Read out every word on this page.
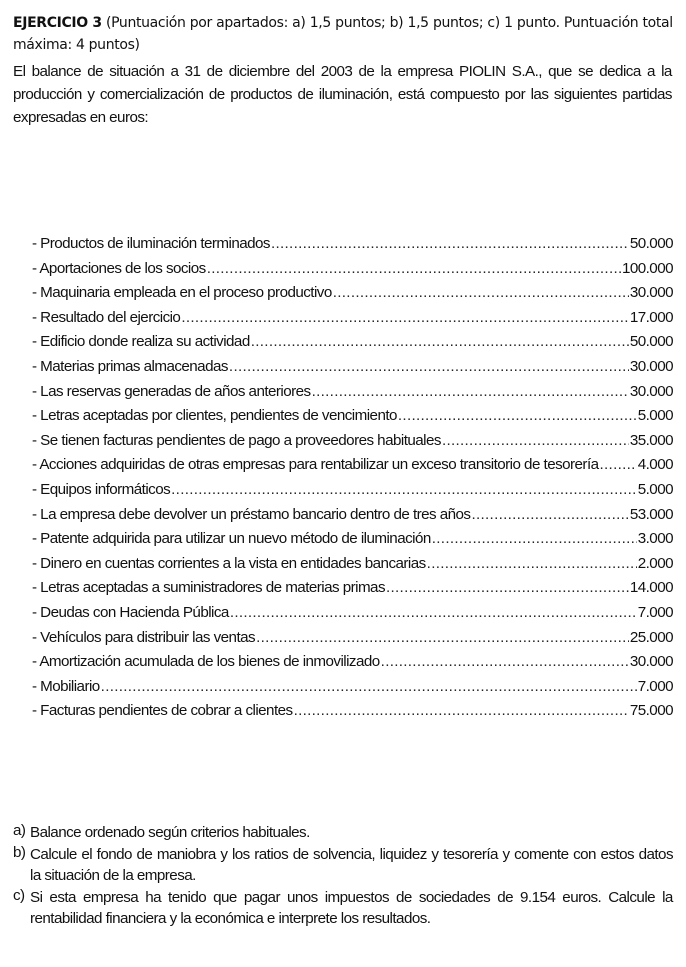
EJERCICIO 3 (Puntuación por apartados: a) 1,5 puntos; b) 1,5 puntos; c) 1 punto. Puntuación total
máxima: 4 puntos)
El balance de situación a 31 de diciembre del 2003 de la empresa PIOLIN S.A., que se dedica a la
producción y comercialización de productos de iluminación, está compuesto por las siguientes partidas
expresadas en euros:
- Productos de iluminación terminados .....	50.000
- Aportaciones de los socios .....	100.000
- Maquinaria empleada en el proceso productivo .....	30.000
- Resultado del ejercicio .....	17.000
- Edificio donde realiza su actividad .....	50.000
- Materias primas almacenadas .....	30.000
- Las reservas generadas de años anteriores .....	30.000
- Letras aceptadas por clientes, pendientes de vencimiento .....	5.000
- Se tienen facturas pendientes de pago a proveedores habituales .....	35.000
- Acciones adquiridas de otras empresas para rentabilizar un exceso transitorio de tesorería .....	4.000
- Equipos informáticos .....	5.000
- La empresa debe devolver un préstamo bancario dentro de tres años .....	53.000
- Patente adquirida para utilizar un nuevo método de iluminación .....	3.000
- Dinero en cuentas corrientes a la vista en entidades bancarias .....	2.000
- Letras aceptadas a suministradores de materias primas .....	14.000
- Deudas con Hacienda Pública .....	7.000
- Vehículos para distribuir las ventas .....	25.000
- Amortización acumulada de los bienes de inmovilizado .....	30.000
- Mobiliario .....	7.000
- Facturas pendientes de cobrar a clientes .....	75.000
a) Balance ordenado según criterios habituales.
b) Calcule el fondo de maniobra y los ratios de solvencia, liquidez y tesorería y comente con estos datos
la situación de la empresa.
c) Si esta empresa ha tenido que pagar unos impuestos de sociedades de 9.154 euros. Calcule la
rentabilidad financiera y la económica e interprete los resultados.
